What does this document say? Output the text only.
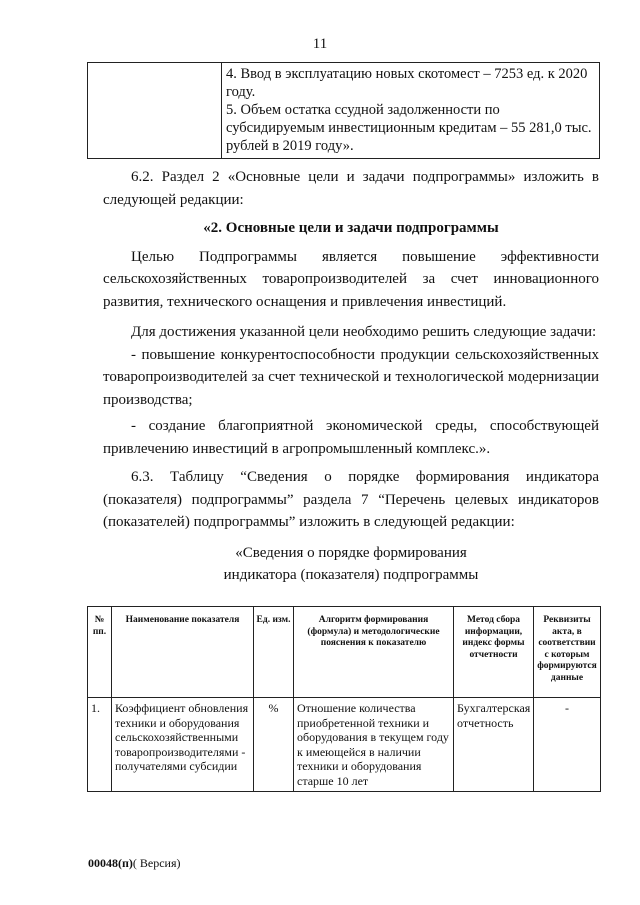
11

4. Ввод в эксплуатацию новых скотомест – 7253 ед. к 2020 году.

5. Объем остатка ссудной задолженности по субсидируемым инвестиционным кредитам – 55 281,0 тыс. рублей в 2019 году».

6.2. Раздел 2 «Основные цели и задачи подпрограммы» изложить в следующей редакции:

«2. Основные цели и задачи подпрограммы

Целью Подпрограммы является повышение эффективности сельскохозяйственных товаропроизводителей за счет инновационного развития, технического оснащения и привлечения инвестиций.

Для достижения указанной цели необходимо решить следующие задачи:

- повышение конкурентоспособности продукции сельскохозяйственных товаропроизводителей за счет технической и технологической модернизации производства;

- создание благоприятной экономической среды, способствующей привлечению инвестиций в агропромышленный комплекс.».

6.3. Таблицу “Сведения о порядке формирования индикатора (показателя) подпрограммы” раздела 7 “Перечень целевых индикаторов (показателей) подпрограммы” изложить в следующей редакции:

«Сведения о порядке формирования

индикатора (показателя) подпрограммы

№ пп.	Наименование показателя	Ед. изм.	Алгоритм формирования (формула) и методологические пояснения к показателю	Метод сбора информации, индекс формы отчетности	Реквизиты акта, в соответствии с которым формируются данные
1.	Коэффициент обновления техники и оборудования сельскохозяйственными товаропроизводителями - получателями субсидии	%	Отношение количества приобретенной техники и оборудования в текущем году к имеющейся в наличии техники и оборудования старше 10 лет	Бухгалтерская отчетность	-
00048(п)( Версия)
